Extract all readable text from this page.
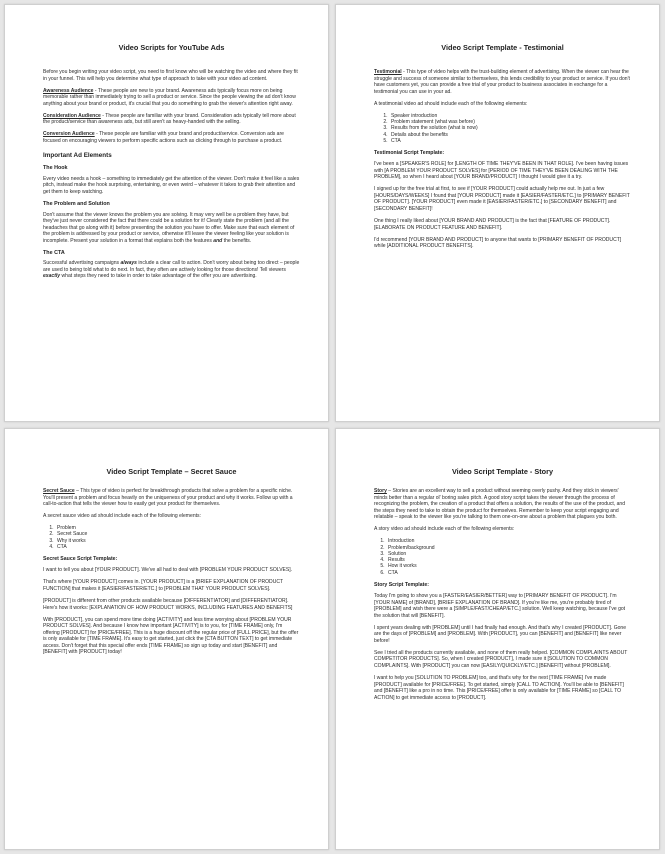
Video Scripts for YouTube Ads

Before you begin writing your video script, you need to first know who will be watching the video and where they fit in your funnel. This will help you determine what type of approach to take with your video ad content.

Awareness Audience - These people are new to your brand. Awareness ads typically focus more on being memorable rather than immediately trying to sell a product or service. Since the people viewing the ad don't know anything about your brand or product, it's crucial that you do something to grab the viewer's attention right away.

Consideration Audience - These people are familiar with your brand. Consideration ads typically tell more about the product/service than awareness ads, but still aren't as heavy-handed with the selling.

Conversion Audience - These people are familiar with your brand and product/service. Conversion ads are focused on encouraging viewers to perform specific actions such as clicking through to purchase a product.

Important Ad Elements
The Hook

Every video needs a hook – something to immediately get the attention of the viewer. Don't make it feel like a sales pitch, instead make the hook surprising, entertaining, or even weird – whatever it takes to grab their attention and get them to keep watching.

The Problem and Solution

Don't assume that the viewer knows the problem you are solving. It may very well be a problem they have, but they've just never considered the fact that there could be a solution for it! Clearly state the problem (and all the headaches that go along with it) before presenting the solution you have to offer. Make sure that each element of the problem is addressed by your product or service, otherwise it'll leave the viewer feeling like your solution is incomplete. Present your solution in a format that explains both the features and the benefits.

The CTA

Successful advertising campaigns always include a clear call to action. Don't worry about being too direct – people are used to being told what to do next. In fact, they often are actively looking for those directions! Tell viewers exactly what steps they need to take in order to take advantage of the offer you are advertising.

Video Script Template - Testimonial

Testimonial - This type of video helps with the trust-building element of advertising. When the viewer can hear the struggle and success of someone similar to themselves, this lends credibility to your product or service. If you don't have customers yet, you can provide a free trial of your product to business associates in exchange for a testimonial you can use in your ad.

A testimonial video ad should include each of the following elements:

1. Speaker introduction
2. Problem statement (what was before)
3. Results from the solution (what is now)
4. Details about the benefits
5. CTA
Testimonial Script Template:

I've been a [SPEAKER'S ROLE] for [LENGTH OF TIME THEY'VE BEEN IN THAT ROLE]. I've been having issues with [A PROBLEM YOUR PRODUCT SOLVES] for [PERIOD OF TIME THEY'VE BEEN DEALING WITH THE PROBLEM], so when I heard about [YOUR BRAND/PRODUCT] I thought I would give it a try.

I signed up for the free trial at first, to see if [YOUR PRODUCT] could actually help me out. In just a few [HOURS/DAYS/WEEKS] I found that [YOUR PRODUCT] made it [EASIER/FASTER/ETC.] to [PRIMARY BENEFIT OF PRODUCT]. [YOUR PRODUCT] even made it [EASIER/FASTER/ETC.] to [SECONDARY BENEFIT] and [SECONDARY BENEFIT]!

One thing I really liked about [YOUR BRAND AND PRODUCT] is the fact that [FEATURE OF PRODUCT]. [ELABORATE ON PRODUCT FEATURE AND BENEFIT].

I'd recommend [YOUR BRAND AND PRODUCT] to anyone that wants to [PRIMARY BENEFIT OF PRODUCT] while [ADDITIONAL PRODUCT BENEFITS].

Video Script Template – Secret Sauce

Secret Sauce – This type of video is perfect for breakthrough products that solve a problem for a specific niche. You'll present a problem and focus heavily on the uniqueness of your product and why it works. Follow up with a call-to-action that tells the viewer how to easily get your product for themselves.

A secret sauce video ad should include each of the following elements:

1. Problem
2. Secret Sauce
3. Why it works
4. CTA
Secret Sauce Script Template:

I want to tell you about [YOUR PRODUCT]. We've all had to deal with [PROBLEM YOUR PRODUCT SOLVES].

That's where [YOUR PRODUCT] comes in. [YOUR PRODUCT] is a [BRIEF EXPLANATION OF PRODUCT FUNCTION] that makes it [EASIER/FASTER/ETC.] to [PROBLEM THAT YOUR PRODUCT SOLVES].

[PRODUCT] is different from other products available because [DIFFERENTIATOR] and [DIFFERENTIATOR]. Here's how it works: [EXPLANATION OF HOW PRODUCT WORKS, INCLUDING FEATURES AND BENEFITS]

With [PRODUCT], you can spend more time doing [ACTIVITY] and less time worrying about [PROBLEM YOUR PRODUCT SOLVES]. And because I know how important [ACTIVITY] is to you, for [TIME FRAME] only, I'm offering [PRODUCT] for [PRICE/FREE]. This is a huge discount off the regular price of [FULL PRICE], but the offer is only available for [TIME FRAME]. It's easy to get started, just click the [CTA BUTTON TEXT] to get immediate access. Don't forget that this special offer ends [TIME FRAME] so sign up today and start [BENEFIT] and [BENEFIT] with [PRODUCT] today!

Video Script Template - Story

Story – Stories are an excellent way to sell a product without seeming overly pushy. And they stick in viewers' minds better than a regular ol' boring sales pitch. A good story script takes the viewer through the process of recognizing the problem, the creation of a product that offers a solution, the results of the use of the product, and the steps they need to take to obtain the product for themselves. Remember to keep your script engaging and relatable – speak to the viewer like you're talking to them one-on-one about a problem that plagues you both.

A story video ad should include each of the following elements:

1. Introduction
2. Problem/background
3. Solution
4. Results
5. How it works
6. CTA
Story Script Template:

Today I'm going to show you a [FASTER/EASIER/BETTER] way to [PRIMARY BENEFIT OF PRODUCT]. I'm [YOUR NAME] of [BRAND], [BRIEF EXPLANATION OF BRAND]. If you're like me, you're probably tired of [PROBLEM] and wish there were a [SIMPLE/FAST/CHEAP/ETC.] solution. Well keep watching, because I've got the solution that will [BENEFIT].

I spent years dealing with [PROBLEM] until I had finally had enough. And that's why I created [PRODUCT]. Gone are the days of [PROBLEM] and [PROBLEM]. With [PRODUCT], you can [BENEFIT] and [BENEFIT] like never before!

See I tried all the products currently available, and none of them really helped. [COMMON COMPLAINTS ABOUT COMPETITOR PRODUCTS]. So, when I created [PRODUCT], I made sure it [SOLUTION TO COMMON COMPLAINTS]. With [PRODUCT] you can now [EASILY/QUICKLY/ETC.] [BENEFIT] without [PROBLEM].

I want to help you [SOLUTION TO PROBLEM] too, and that's why for the next [TIME FRAME] I've made [PRODUCT] available for [PRICE/FREE]. To get started, simply [CALL TO ACTION]. You'll be able to [BENEFIT] and [BENEFIT] like a pro in no time. This [PRICE/FREE] offer is only available for [TIME FRAME] so [CALL TO ACTION] to get immediate access to [PRODUCT].
